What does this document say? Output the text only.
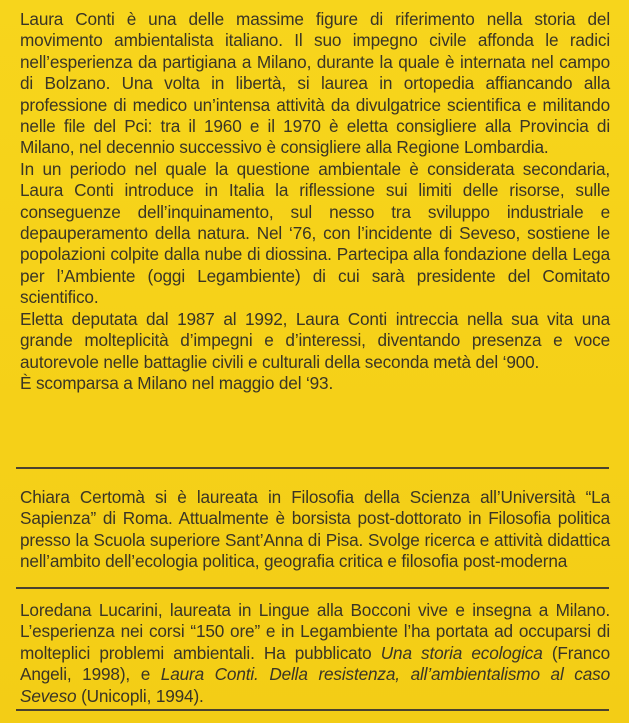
Laura Conti è una delle massime figure di riferimento nella storia del movimento ambientalista italiano. Il suo impegno civile affonda le radici nell’esperienza da partigiana a Milano, durante la quale è internata nel campo di Bolzano. Una volta in libertà, si laurea in ortopedia affiancando alla professione di medico un’intensa attività da divulgatrice scientifica e militando nelle file del Pci: tra il 1960 e il 1970 è eletta consigliere alla Provincia di Milano, nel decennio successivo è consigliere alla Regione Lombardia.

In un periodo nel quale la questione ambientale è considerata secondaria, Laura Conti introduce in Italia la riflessione sui limiti delle risorse, sulle conseguenze dell’inquinamento, sul nesso tra sviluppo industriale e depauperamento della natura. Nel ‘76, con l’incidente di Seveso, sostiene le popolazioni colpite dalla nube di diossina. Partecipa alla fondazione della Lega per l’Ambiente (oggi Legambiente) di cui sarà presidente del Comitato scientifico.

Eletta deputata dal 1987 al 1992, Laura Conti intreccia nella sua vita una grande molteplicità d’impegni e d’interessi, diventando presenza e voce autorevole nelle battaglie civili e culturali della seconda metà del ‘900.

È scomparsa a Milano nel maggio del ‘93.

Chiara Certomà si è laureata in Filosofia della Scienza all’Università “La Sapienza” di Roma. Attualmente è borsista post-dottorato in Filosofia politica presso la Scuola superiore Sant’Anna di Pisa. Svolge ricerca e attività didattica nell’ambito dell’ecologia politica, geografia critica e filosofia post-moderna

Loredana Lucarini, laureata in Lingue alla Bocconi vive e insegna a Milano. L’esperienza nei corsi “150 ore” e in Legambiente l’ha portata ad occuparsi di molteplici problemi ambientali. Ha pubblicato Una storia ecologica (Franco Angeli, 1998), e Laura Conti. Della resistenza, all’ambientalismo al caso Seveso (Unicopli, 1994).
